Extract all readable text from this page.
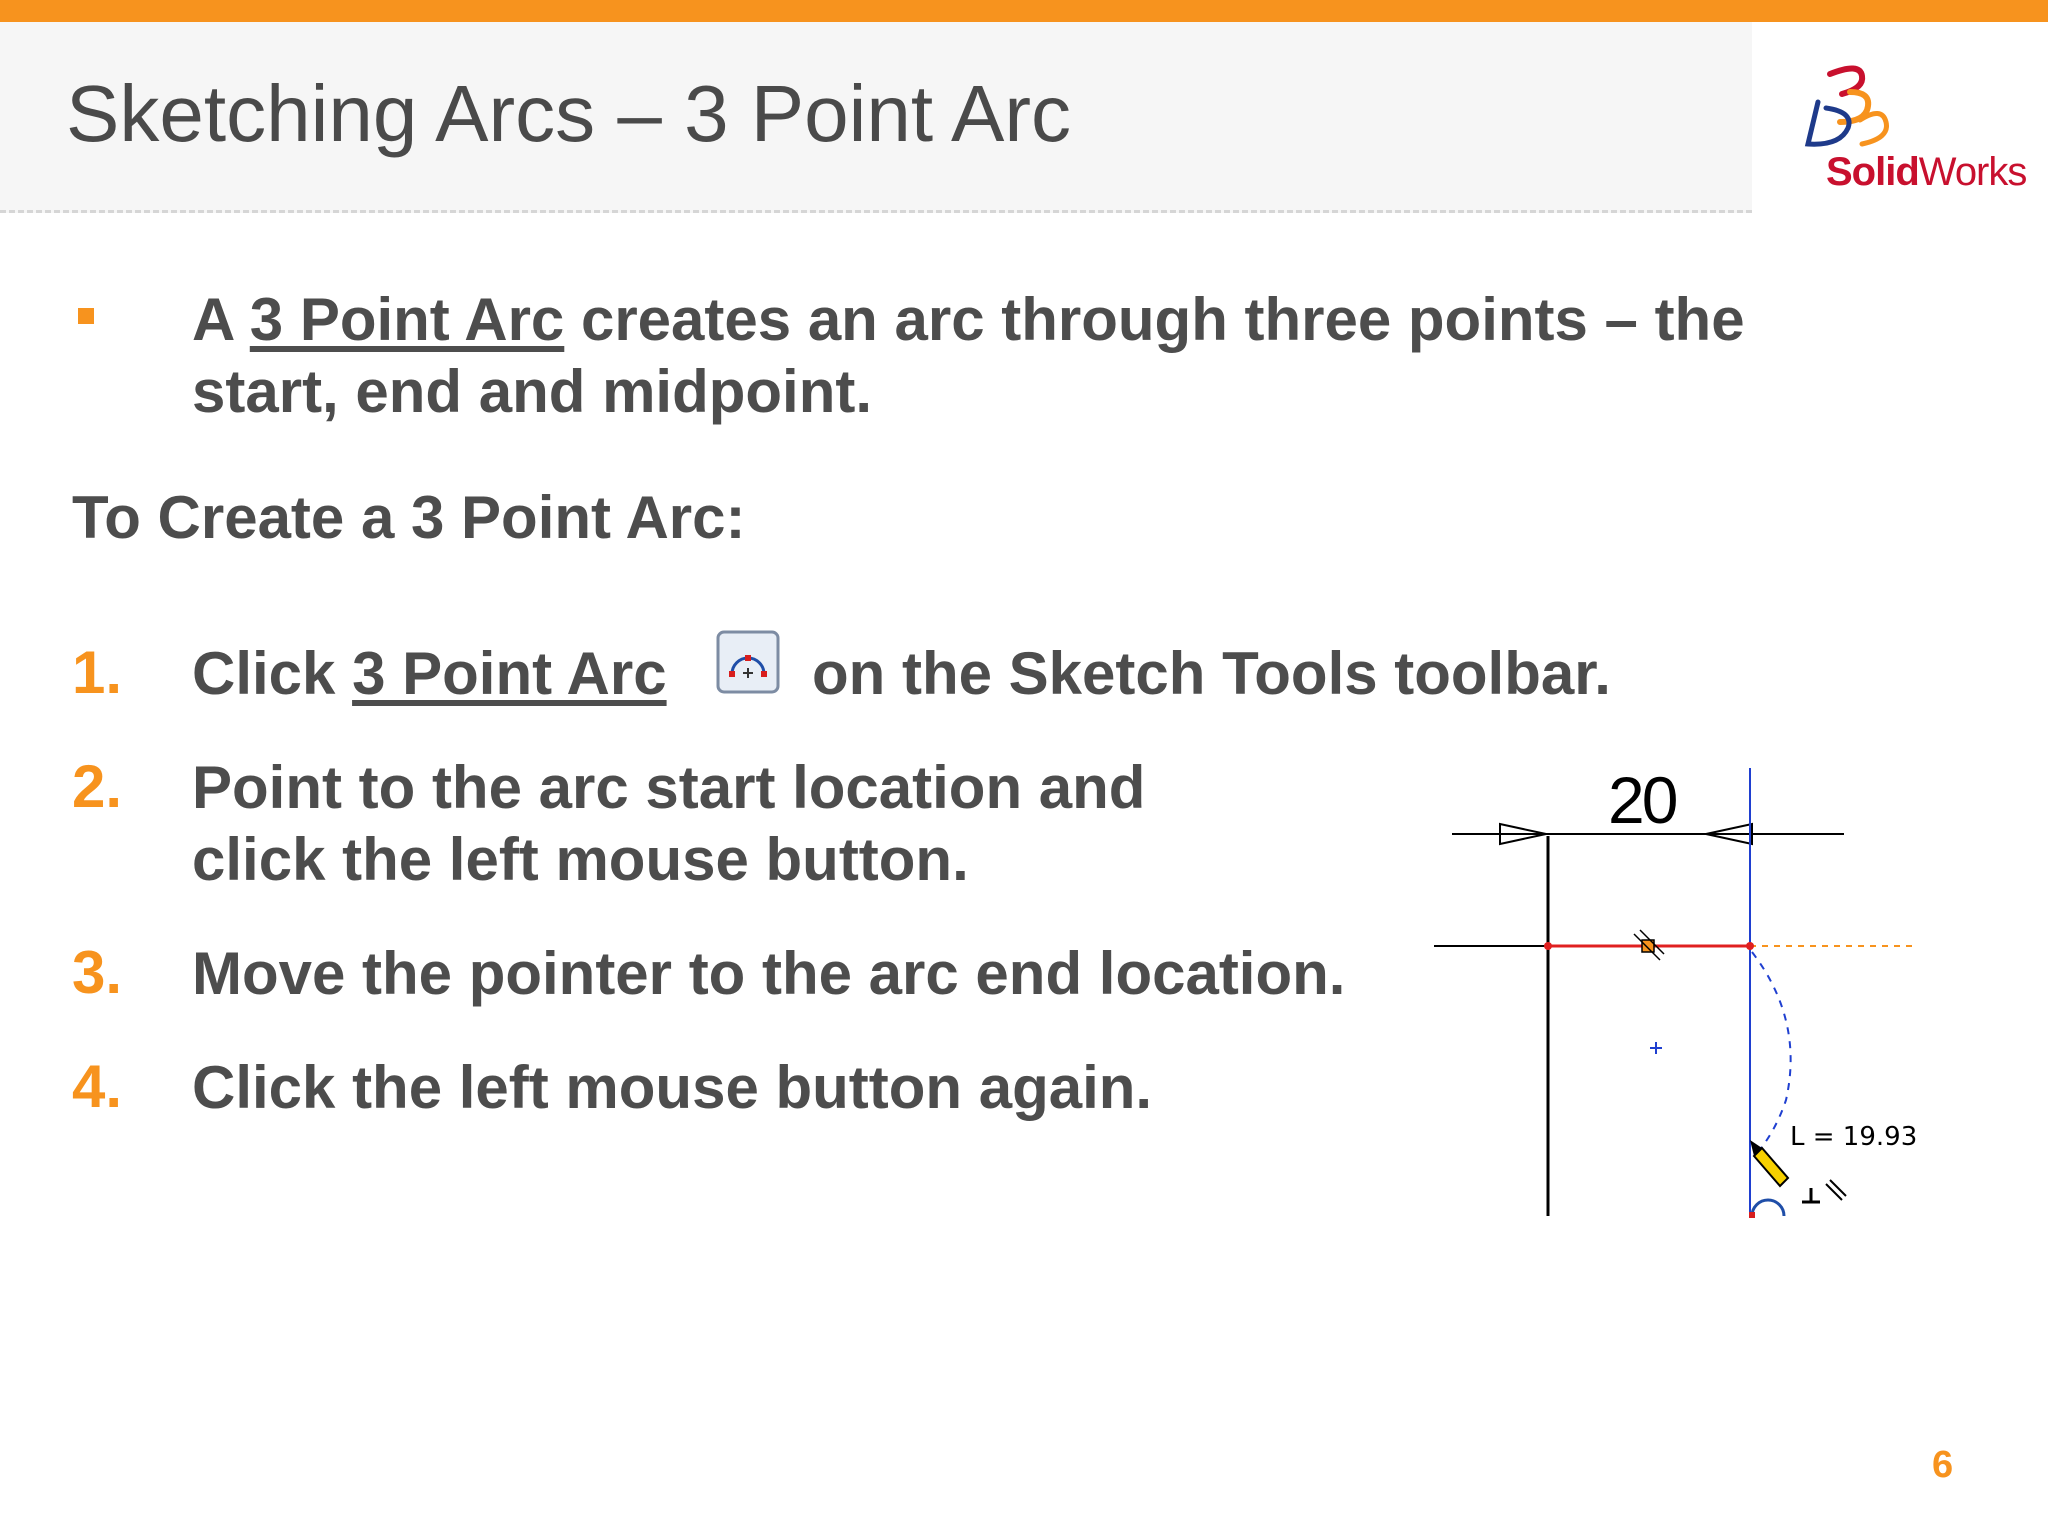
Sketching Arcs – 3 Point Arc
SolidWorks
A 3 Point Arc creates an arc through three points – the
start, end and midpoint.
To Create a 3 Point Arc:
1. Click 3 Point Arc on the Sketch Tools toolbar.
2. Point to the arc start location and
click the left mouse button.
3. Move the pointer to the arc end location.
4. Click the left mouse button again.
20
L = 19.93
6
